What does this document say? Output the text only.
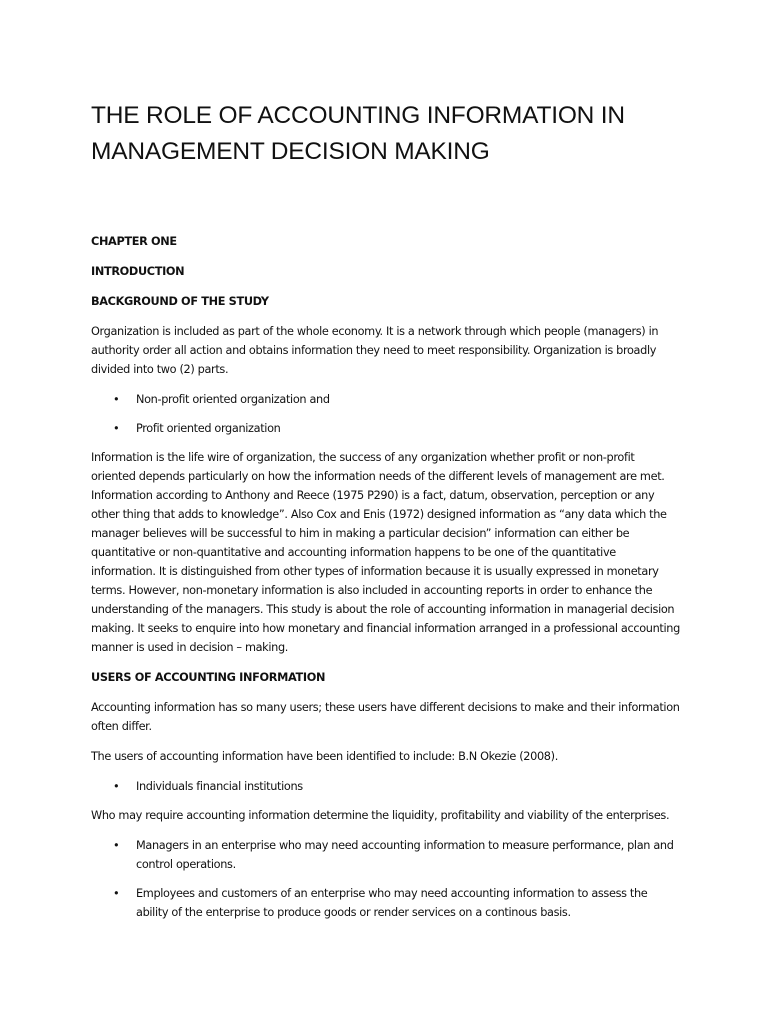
THE ROLE OF ACCOUNTING INFORMATION IN
MANAGEMENT DECISION MAKING

CHAPTER ONE

INTRODUCTION

BACKGROUND OF THE STUDY

Organization is included as part of the whole economy. It is a network through which people (managers) in authority order all action and obtains information they need to meet responsibility. Organization is broadly divided into two (2) parts.

• Non-profit oriented organization and
• Profit oriented organization

Information is the life wire of organization, the success of any organization whether profit or non-profit oriented depends particularly on how the information needs of the different levels of management are met. Information according to Anthony and Reece (1975 P290) is a fact, datum, observation, perception or any other thing that adds to knowledge”. Also Cox and Enis (1972) designed information as “any data which the manager believes will be successful to him in making a particular decision” information can either be quantitative or non-quantitative and accounting information happens to be one of the quantitative information. It is distinguished from other types of information because it is usually expressed in monetary terms. However, non-monetary information is also included in accounting reports in order to enhance the understanding of the managers. This study is about the role of accounting information in managerial decision making. It seeks to enquire into how monetary and financial information arranged in a professional accounting manner is used in decision – making.

USERS OF ACCOUNTING INFORMATION

Accounting information has so many users; these users have different decisions to make and their information often differ.

The users of accounting information have been identified to include: B.N Okezie (2008).

• Individuals financial institutions

Who may require accounting information determine the liquidity, profitability and viability of the enterprises.

• Managers in an enterprise who may need accounting information to measure performance, plan and control operations.
• Employees and customers of an enterprise who may need accounting information to assess the ability of the enterprise to produce goods or render services on a continous basis.
